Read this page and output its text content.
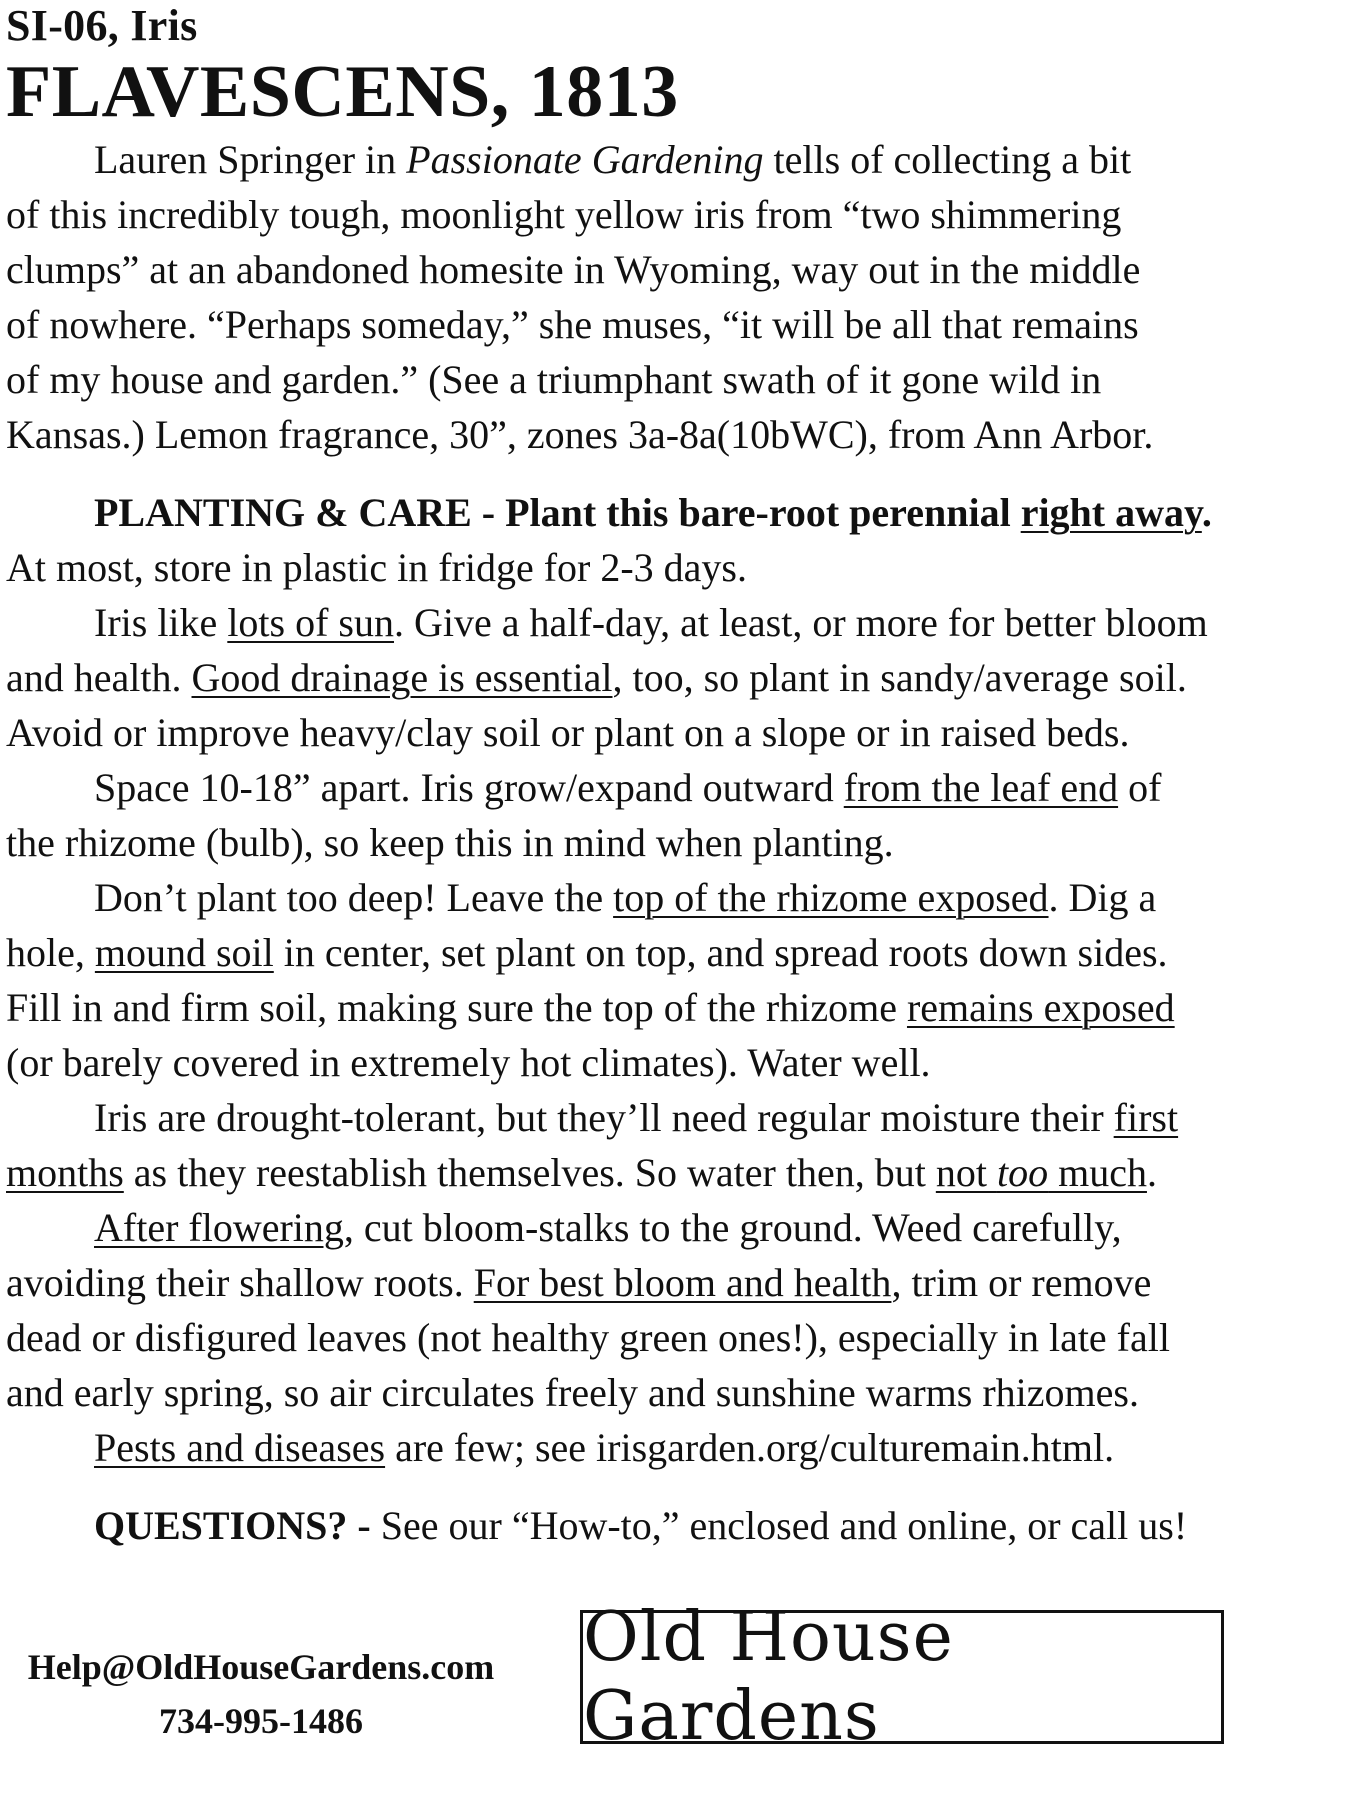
SI-06, Iris

FLAVESCENS, 1813

Lauren Springer in Passionate Gardening tells of collecting a bit
of this incredibly tough, moonlight yellow iris from “two shimmering
clumps” at an abandoned homesite in Wyoming, way out in the middle
of nowhere. “Perhaps someday,” she muses, “it will be all that remains
of my house and garden.” (See a triumphant swath of it gone wild in
Kansas.) Lemon fragrance, 30”, zones 3a-8a(10bWC), from Ann Arbor.

PLANTING & CARE - Plant this bare-root perennial right away.
At most, store in plastic in fridge for 2-3 days.

Iris like lots of sun. Give a half-day, at least, or more for better bloom
and health. Good drainage is essential, too, so plant in sandy/average soil.
Avoid or improve heavy/clay soil or plant on a slope or in raised beds.

Space 10-18” apart. Iris grow/expand outward from the leaf end of
the rhizome (bulb), so keep this in mind when planting.

Don’t plant too deep! Leave the top of the rhizome exposed. Dig a
hole, mound soil in center, set plant on top, and spread roots down sides.
Fill in and firm soil, making sure the top of the rhizome remains exposed
(or barely covered in extremely hot climates). Water well.

Iris are drought-tolerant, but they’ll need regular moisture their first
months as they reestablish themselves. So water then, but not too much.

After flowering, cut bloom-stalks to the ground. Weed carefully,
avoiding their shallow roots. For best bloom and health, trim or remove
dead or disfigured leaves (not healthy green ones!), especially in late fall
and early spring, so air circulates freely and sunshine warms rhizomes.

Pests and diseases are few; see irisgarden.org/culturemain.html.

QUESTIONS? - See our “How-to,” enclosed and online, or call us!

Help@OldHouseGardens.com
734-995-1486
Old House Gardens
